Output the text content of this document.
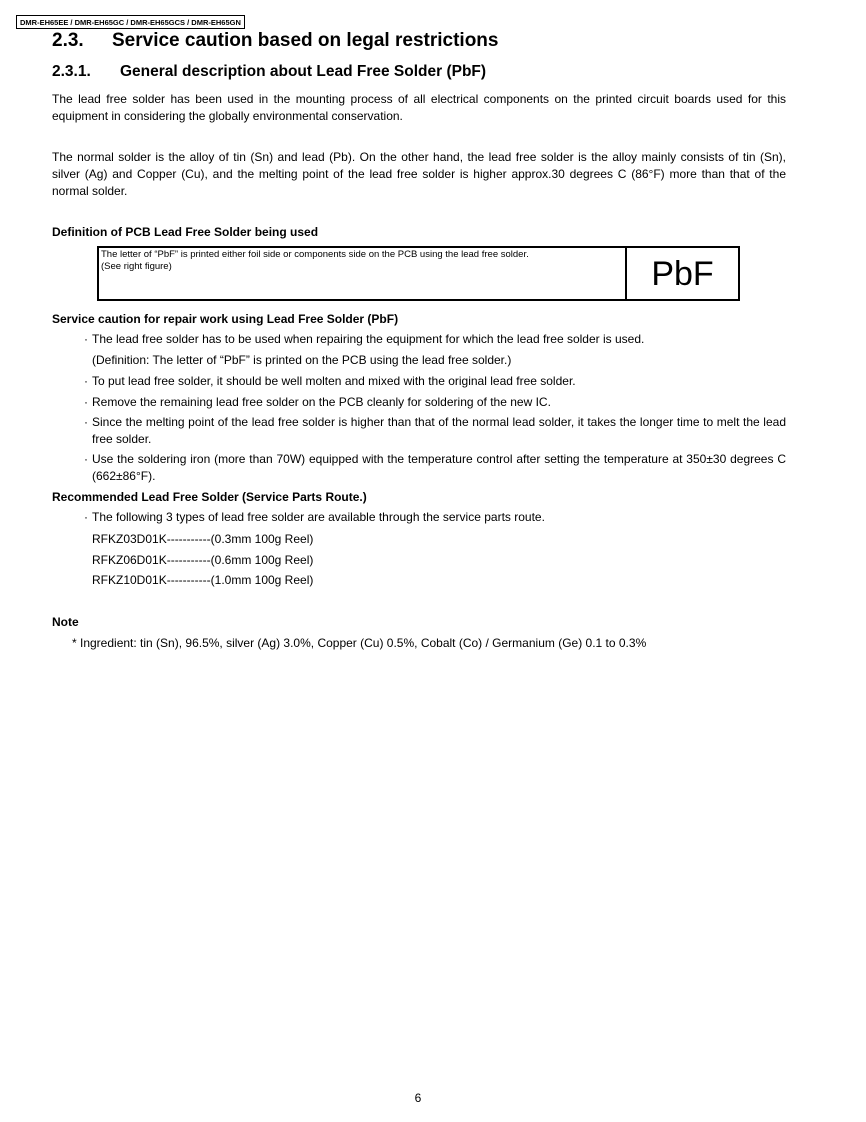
DMR-EH65EE / DMR-EH65GC / DMR-EH65GCS / DMR-EH65GN
2.3. Service caution based on legal restrictions
2.3.1. General description about Lead Free Solder (PbF)

The lead free solder has been used in the mounting process of all electrical components on the printed circuit boards used for this equipment in considering the globally environmental conservation.

The normal solder is the alloy of tin (Sn) and lead (Pb). On the other hand, the lead free solder is the alloy mainly consists of tin (Sn), silver (Ag) and Copper (Cu), and the melting point of the lead free solder is higher approx.30 degrees C (86°F) more than that of the normal solder.

Definition of PCB Lead Free Solder being used
The letter of “PbF” is printed either foil side or components side on the PCB using the lead free solder.
(See right figure)	PbF
Service caution for repair work using Lead Free Solder (PbF)
· The lead free solder has to be used when repairing the equipment for which the lead free solder is used.
(Definition: The letter of “PbF” is printed on the PCB using the lead free solder.)
· To put lead free solder, it should be well molten and mixed with the original lead free solder.
· Remove the remaining lead free solder on the PCB cleanly for soldering of the new IC.
· Since the melting point of the lead free solder is higher than that of the normal lead solder, it takes the longer time to melt the lead free solder.
· Use the soldering iron (more than 70W) equipped with the temperature control after setting the temperature at 350±30 degrees C (662±86°F).
Recommended Lead Free Solder (Service Parts Route.)
· The following 3 types of lead free solder are available through the service parts route.
RFKZ03D01K-----------(0.3mm 100g Reel)
RFKZ06D01K-----------(0.6mm 100g Reel)
RFKZ10D01K-----------(1.0mm 100g Reel)
Note
* Ingredient: tin (Sn), 96.5%, silver (Ag) 3.0%, Copper (Cu) 0.5%, Cobalt (Co) / Germanium (Ge) 0.1 to 0.3%
6
